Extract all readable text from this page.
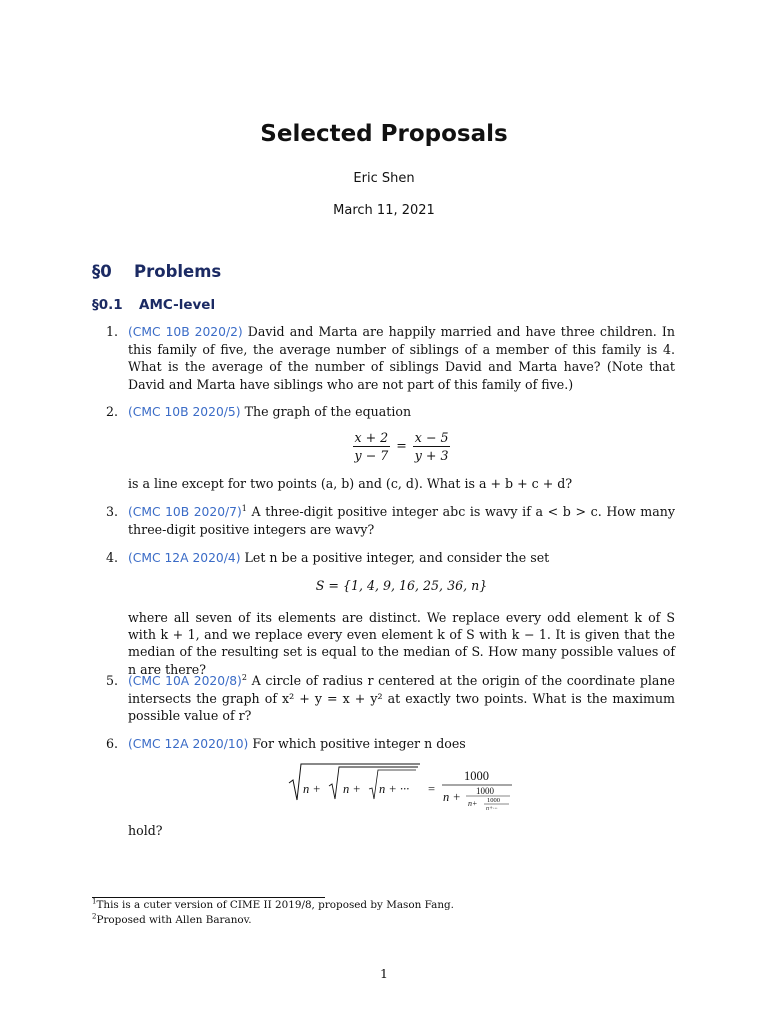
Selected Proposals
Eric Shen
March 11, 2021
§0 Problems
§0.1 AMC-level
1. (CMC 10B 2020/2) David and Marta are happily married and have three children. In this family of five, the average number of siblings of a member of this family is 4. What is the average of the number of siblings David and Marta have? (Note that David and Marta have siblings who are not part of this family of five.)
2. (CMC 10B 2020/5) The graph of the equation
$\frac{x + 2}{y - 7} = \frac{x - 5}{y + 3}$
is a line except for two points (a, b) and (c, d). What is a + b + c + d?
3. (CMC 10B 2020/7)$^1$ A three-digit positive integer abc is wavy if a < b > c. How many three-digit positive integers are wavy?
4. (CMC 12A 2020/4) Let n be a positive integer, and consider the set
S = {1, 4, 9, 16, 25, 36, n}
where all seven of its elements are distinct. We replace every odd element k of S with k + 1, and we replace every even element k of S with k − 1. It is given that the median of the resulting set is equal to the median of S. How many possible values of n are there?
5. (CMC 10A 2020/8)$^2$ A circle of radius r centered at the origin of the coordinate plane intersects the graph of x² + y = x + y² at exactly two points. What is the maximum possible value of r?
6. (CMC 12A 2020/10) For which positive integer n does
n + n + n + ··· =
1000
n + 1000
n+ 1000
n+···
hold?
$^1$This is a cuter version of CIME II 2019/8, proposed by Mason Fang.
$^2$Proposed with Allen Baranov.
1
